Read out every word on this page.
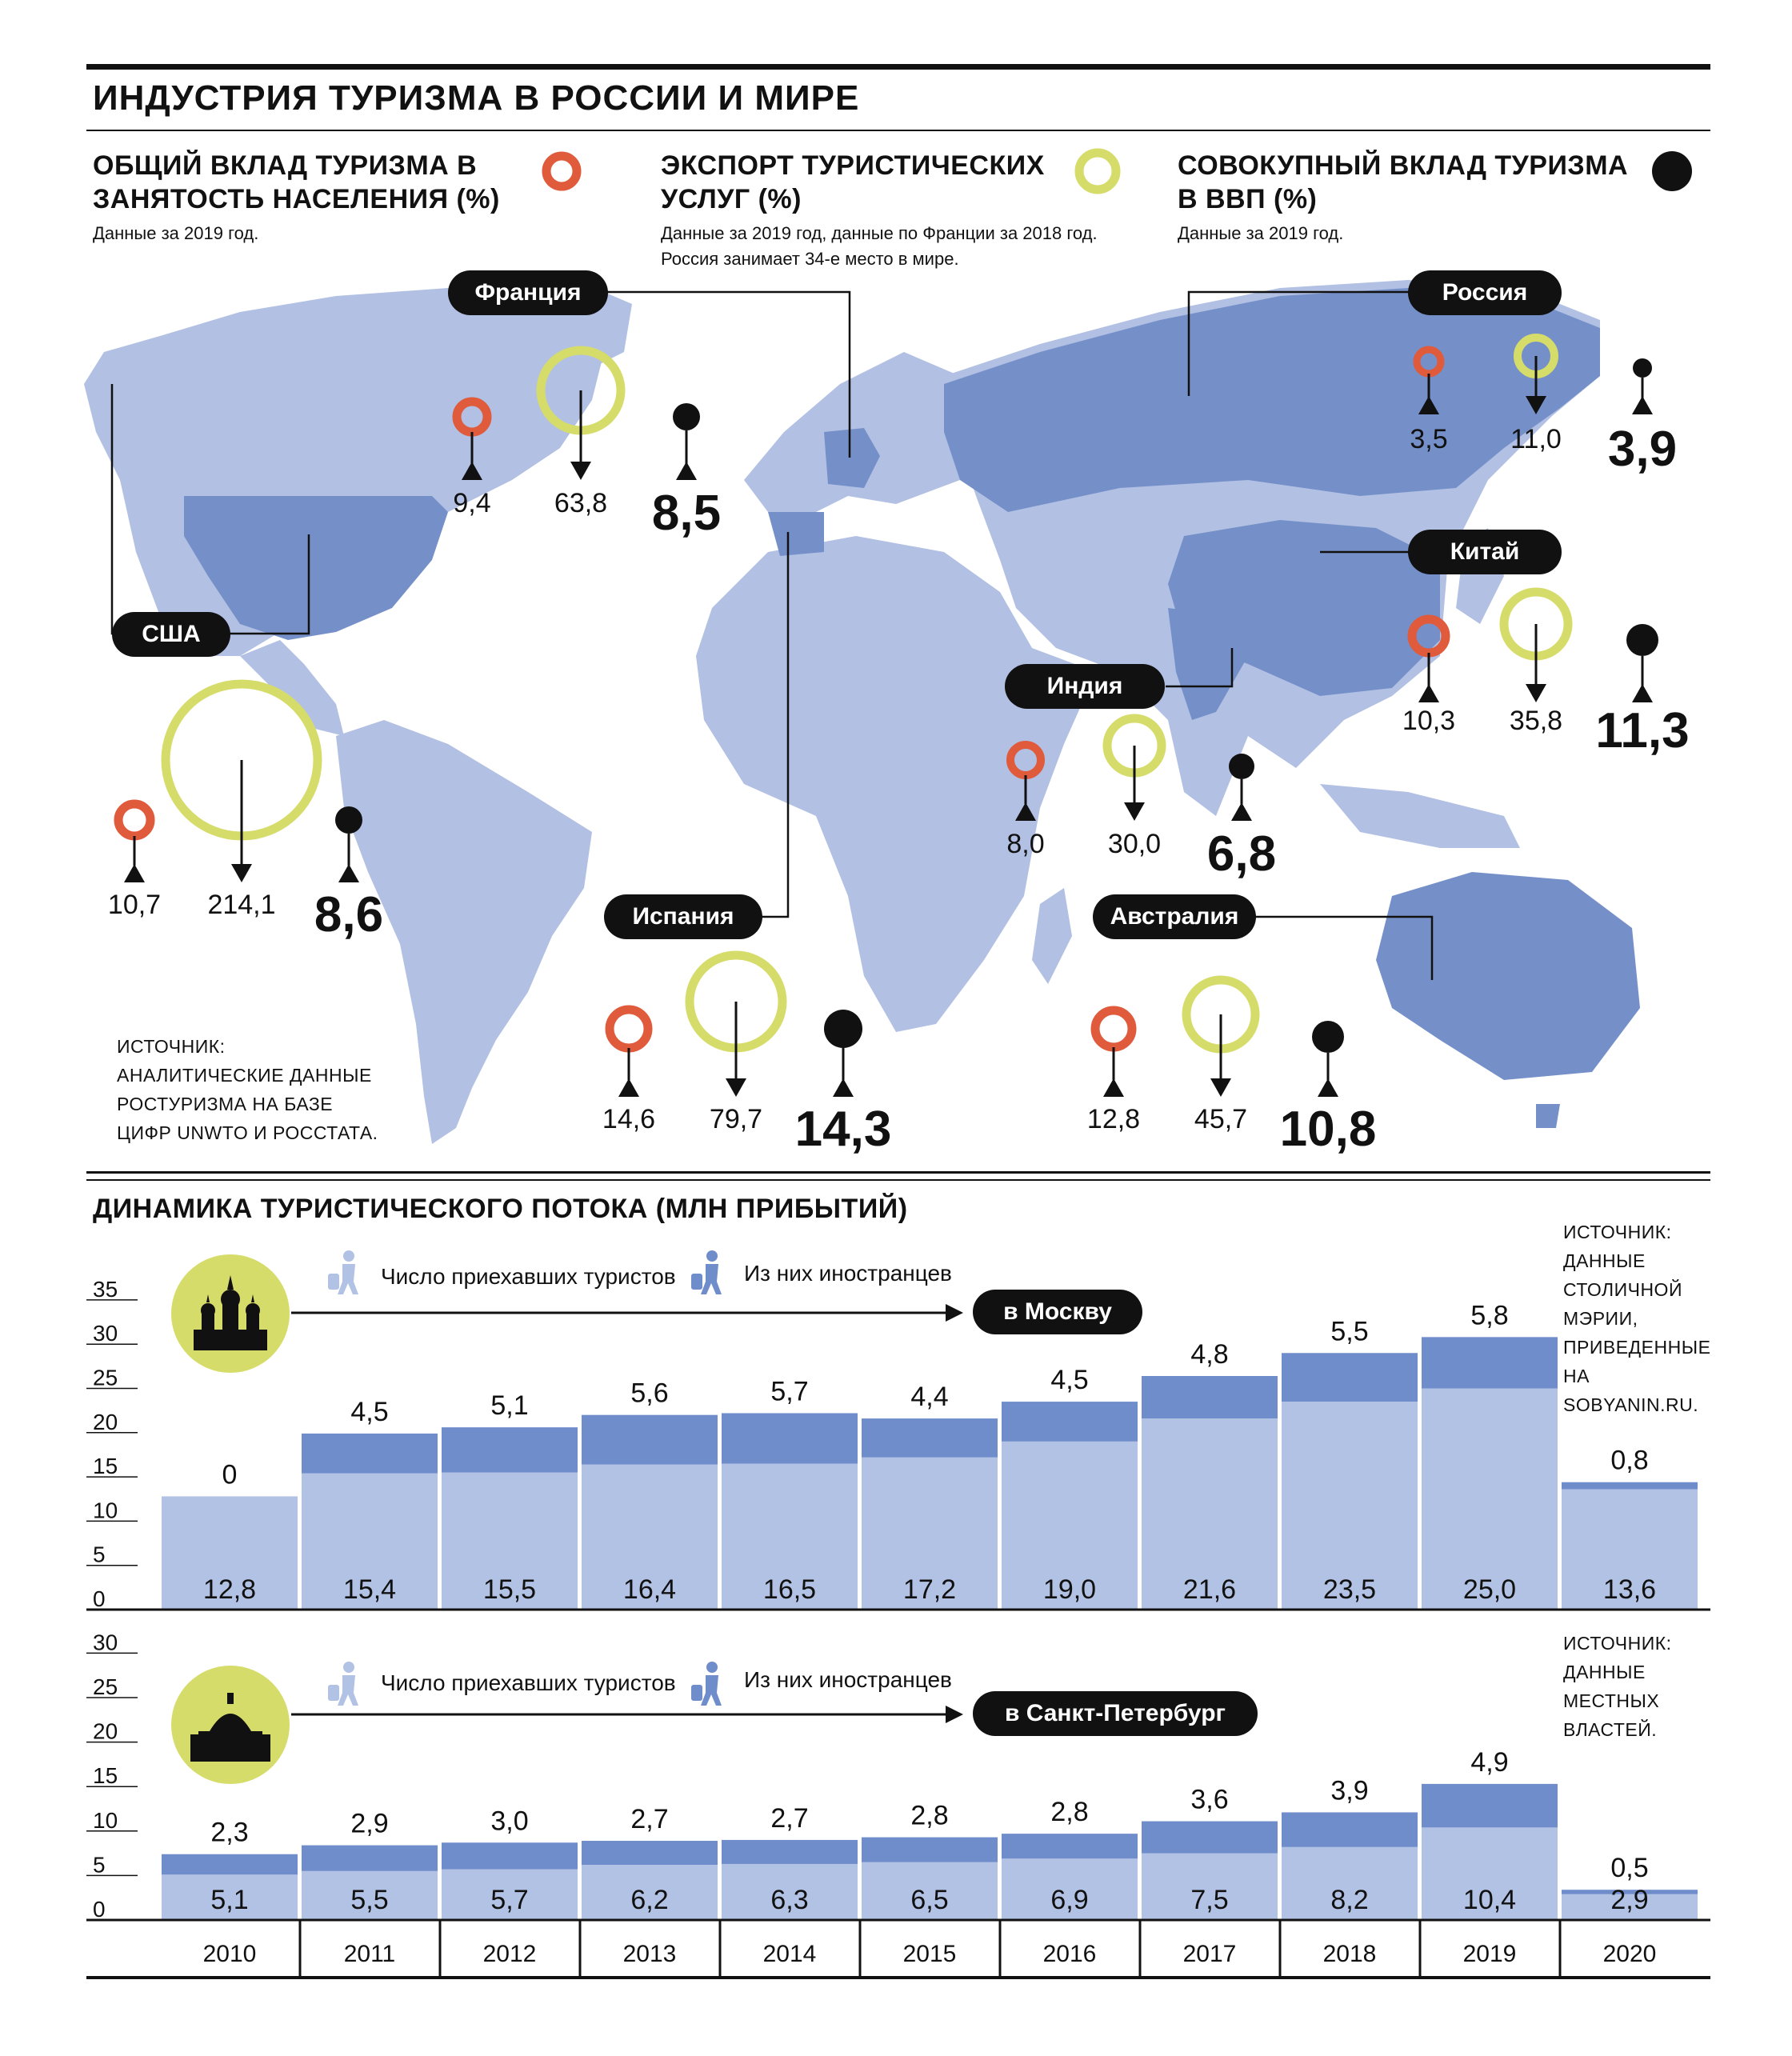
ИНДУСТРИЯ ТУРИЗМА В РОССИИ И МИРЕ
ОБЩИЙ ВКЛАД ТУРИЗМА В ЗАНЯТОСТЬ НАСЕЛЕНИЯ (%)
Данные за 2019 год.
ЭКСПОРТ ТУРИСТИЧЕСКИХ УСЛУГ (%)
Данные за 2019 год, данные по Франции за 2018 год. Россия занимает 34-е место в мире.
СОВОКУПНЫЙ ВКЛАД ТУРИЗМА В ВВП (%)
Данные за 2019 год.
Франция	Россия
США
Китай
Индия
Испания	Австралия
9,4	63,8 8,5
3,5	11,0 3,9
10,7	214,1 8,6
10,3	35,8 11,3
8,0	30,0 6,8
14,6	79,7 14,3	12,8	45,7 10,8
ИСТОЧНИК: АНАЛИТИЧЕСКИЕ ДАННЫЕ РОСТУРИЗМА НА БАЗЕ ЦИФР UNWTO И РОССТАТА.
ДИНАМИКА ТУРИСТИЧЕСКОГО ПОТОКА (МЛН ПРИБЫТИЙ)
0
5
10
15
20
25
30
35
12,8
0
15,4
4,5
15,5
5,1
16,4
5,6
16,5
5,7
17,2
4,4
19,0
4,5
21,6
4,8
23,5
5,5
25,0
5,8
13,6
0,8
0
5
10
15
20
25
30
5,1
2,3
5,5
2,9
5,7
3,0
6,2
2,7
6,3
2,7
6,5
2,8
6,9
2,8
7,5
3,6
8,2
3,9
10,4
4,9
2,9
0,5
2010	2011	2012	2013	2014	2015	2016	2017	2018	2019	2020
Число приехавших туристов	Из них иностранцев
в Москву
ИСТОЧНИК: ДАННЫЕ СТОЛИЧНОЙ МЭРИИ, ПРИВЕДЕННЫЕ НА SOBYANIN.RU.
Число приехавших туристов	Из них иностранцев
в Санкт-Петербург
ИСТОЧНИК: ДАННЫЕ МЕСТНЫХ ВЛАСТЕЙ.
